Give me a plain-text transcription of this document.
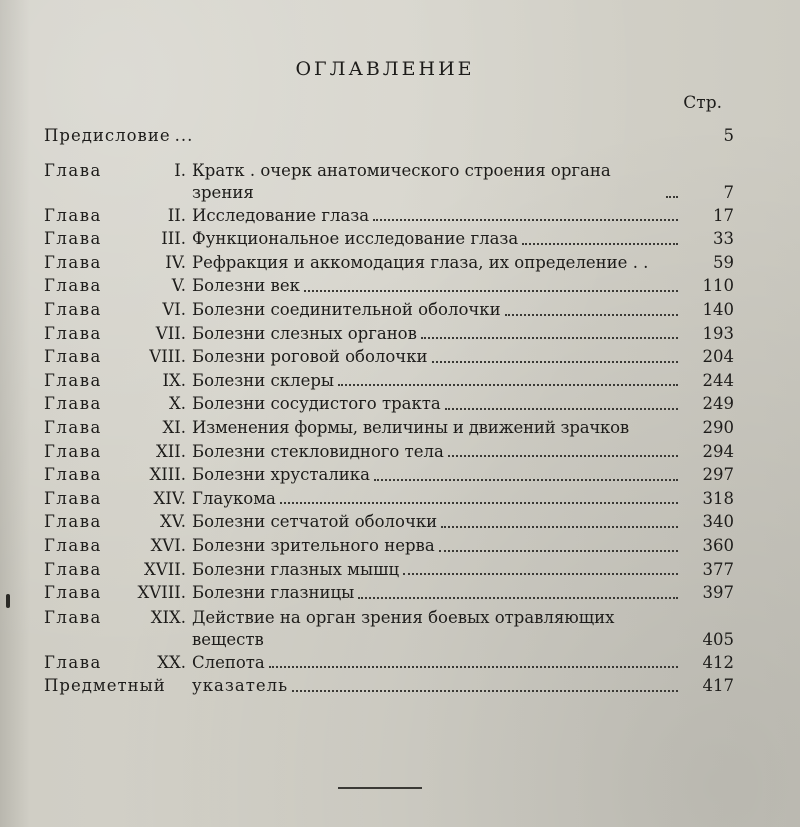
ОГЛАВЛЕНИЕ
Стр.
Предисловие ...	5
Глава	I. Кратк . очерк анатомического строения органа зрения	7
Глава	II. Исследование глаза	17
Глава	III. Функциональное исследование глаза	33
Глава	IV. Рефракция и аккомодация глаза, их определение . .	59
Глава	V. Болезни век	110
Глава	VI. Болезни соединительной оболочки	140
Глава	VII. Болезни слезных органов	193
Глава	VIII. Болезни роговой оболочки	204
Глава	IX. Болезни склеры	244
Глава	X. Болезни сосудистого тракта	249
Глава	XI. Изменения формы, величины и движений зрачков	290
Глава	XII. Болезни стекловидного тела	294
Глава	XIII. Болезни хрусталика	297
Глава	XIV. Глаукома	318
Глава	XV. Болезни сетчатой оболочки	340
Глава	XVI. Болезни зрительного нерва	360
Глава	XVII. Болезни глазных мышц	377
Глава	XVIII. Болезни глазницы	397
Глава	XIX. Действие на орган зрения боевых отравляющих веществ	405
Глава	XX. Слепота	412
Предметный	указатель	417
